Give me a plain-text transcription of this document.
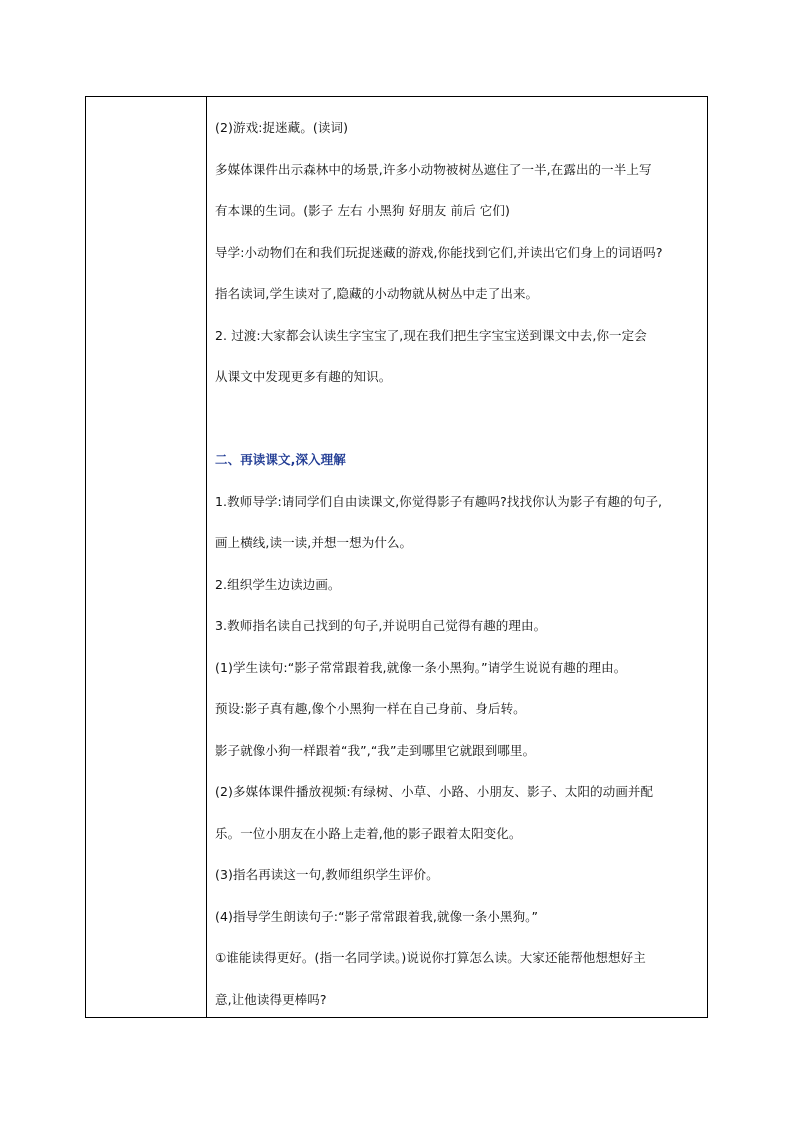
(2)游戏:捉迷藏。(读词)
多媒体课件出示森林中的场景,许多小动物被树丛遮住了一半,在露出的一半上写
有本课的生词。(影子 左右 小黑狗 好朋友 前后 它们)
导学:小动物们在和我们玩捉迷藏的游戏,你能找到它们,并读出它们身上的词语吗?
指名读词,学生读对了,隐藏的小动物就从树丛中走了出来。
2. 过渡:大家都会认读生字宝宝了,现在我们把生字宝宝送到课文中去,你一定会
从课文中发现更多有趣的知识。
二、再读课文,深入理解
1.教师导学:请同学们自由读课文,你觉得影子有趣吗?找找你认为影子有趣的句子,
画上横线,读一读,并想一想为什么。
2.组织学生边读边画。
3.教师指名读自己找到的句子,并说明自己觉得有趣的理由。
(1)学生读句:“影子常常跟着我,就像一条小黑狗。”请学生说说有趣的理由。
预设:影子真有趣,像个小黑狗一样在自己身前、身后转。
影子就像小狗一样跟着“我”,“我”走到哪里它就跟到哪里。
(2)多媒体课件播放视频:有绿树、小草、小路、小朋友、影子、太阳的动画并配
乐。一位小朋友在小路上走着,他的影子跟着太阳变化。
(3)指名再读这一句,教师组织学生评价。
(4)指导学生朗读句子:“影子常常跟着我,就像一条小黑狗。”
①谁能读得更好。(指一名同学读。)说说你打算怎么读。大家还能帮他想想好主
意,让他读得更棒吗?
